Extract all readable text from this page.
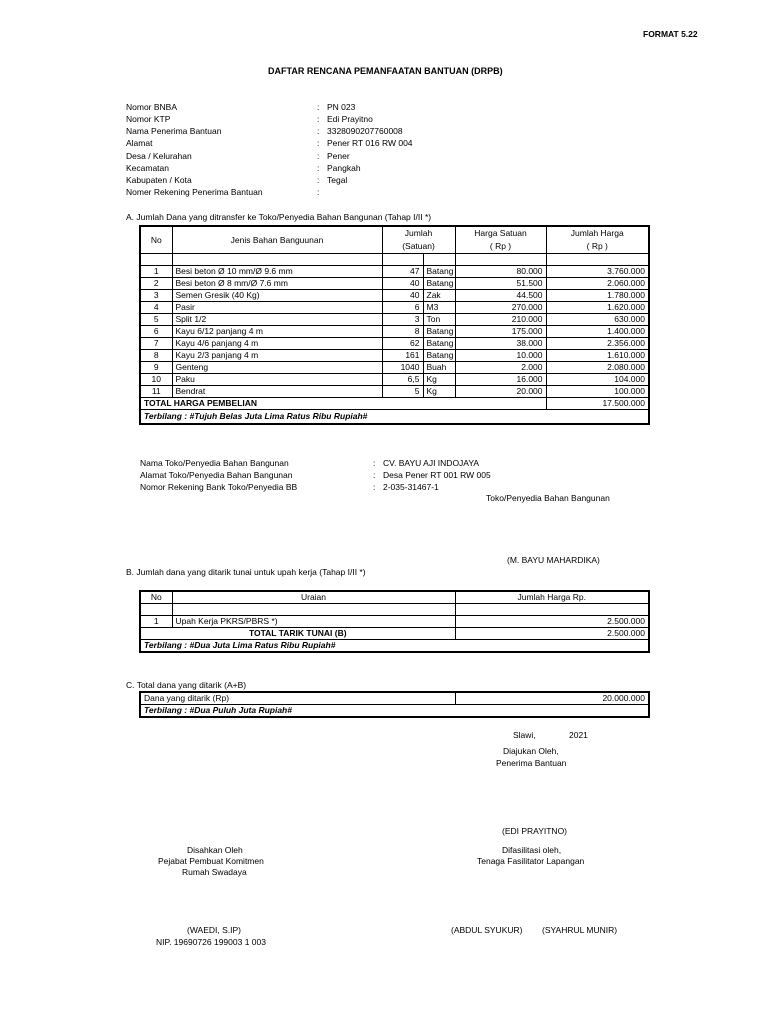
FORMAT 5.22
DAFTAR RENCANA PEMANFAATAN BANTUAN (DRPB)
Nomor BNBA	: PN 023
Nomor KTP	: Edi Prayitno
Nama Penerima Bantuan	: 3328090207760008
Alamat	: Pener RT 016 RW 004
Desa / Kelurahan	: Pener
Kecamatan	: Pangkah
Kabupaten / Kota	: Tegal
Nomer Rekening Penerima Bantuan	:
A. Jumlah Dana yang ditransfer ke Toko/Penyedia Bahan Bangunan (Tahap I/II *)
No	Jenis Bahan Banguunan	Jumlah		Harga Satuan	Jumlah Harga
		(Satuan)		( Rp )	( Rp )

1	Besi beton Ø 10 mm/Ø 9.6 mm	47	Batang	80.000	3.760.000
2	Besi beton Ø 8 mm/Ø 7.6 mm	40	Batang	51.500	2.060.000
3	Semen Gresik (40 Kg)	40	Zak	44.500	1.780.000
4	Pasir	6	M3	270.000	1.620.000
5	Split 1/2	3	Ton	210.000	630.000
6	Kayu 6/12 panjang 4 m	8	Batang	175.000	1.400.000
7	Kayu 4/6 panjang 4 m	62	Batang	38.000	2.356.000
8	Kayu 2/3 panjang 4 m	161	Batang	10.000	1.610.000
9	Genteng	1040	Buah	2.000	2.080.000
10	Paku	6,5	Kg	16.000	104.000
11	Bendrat	5	Kg	20.000	100.000
TOTAL HARGA PEMBELIAN					17.500.000
Terbilang : #Tujuh Belas Juta Lima Ratus Ribu Rupiah#					
Nama Toko/Penyedia Bahan Bangunan	: CV. BAYU AJI INDOJAYA
Alamat Toko/Penyedia Bahan Bangunan	: Desa Pener RT 001 RW 005
Nomor Rekening Bank Toko/Penyedia BB	: 2-035-31467-1
Toko/Penyedia Bahan Bangunan
(M. BAYU MAHARDIKA)
B. Jumlah dana yang ditarik tunai untuk upah kerja (Tahap I/II *)
No	Uraian	Jumlah Harga Rp.

1	Upah Kerja PKRS/PBRS *)	2.500.000
TOTAL TARIK TUNAI (B)		2.500.000
Terbilang : #Dua Juta Lima Ratus Ribu Rupiah#		
C. Total dana yang ditarik (A+B)
Dana yang ditarik (Rp)	20.000.000
Terbilang : #Dua Puluh Juta Rupiah#
Slawi,	2021
Diajukan Oleh,
Penerima Bantuan
(EDI PRAYITNO)
Disahkan Oleh
Pejabat Pembuat Komitmen
Rumah Swadaya
Difasilitasi oleh,
Tenaga Fasilitator Lapangan
(WAEDI, S.IP)
NIP. 19690726 199003 1 003
(ABDUL SYUKUR) (SYAHRUL MUNIR)
